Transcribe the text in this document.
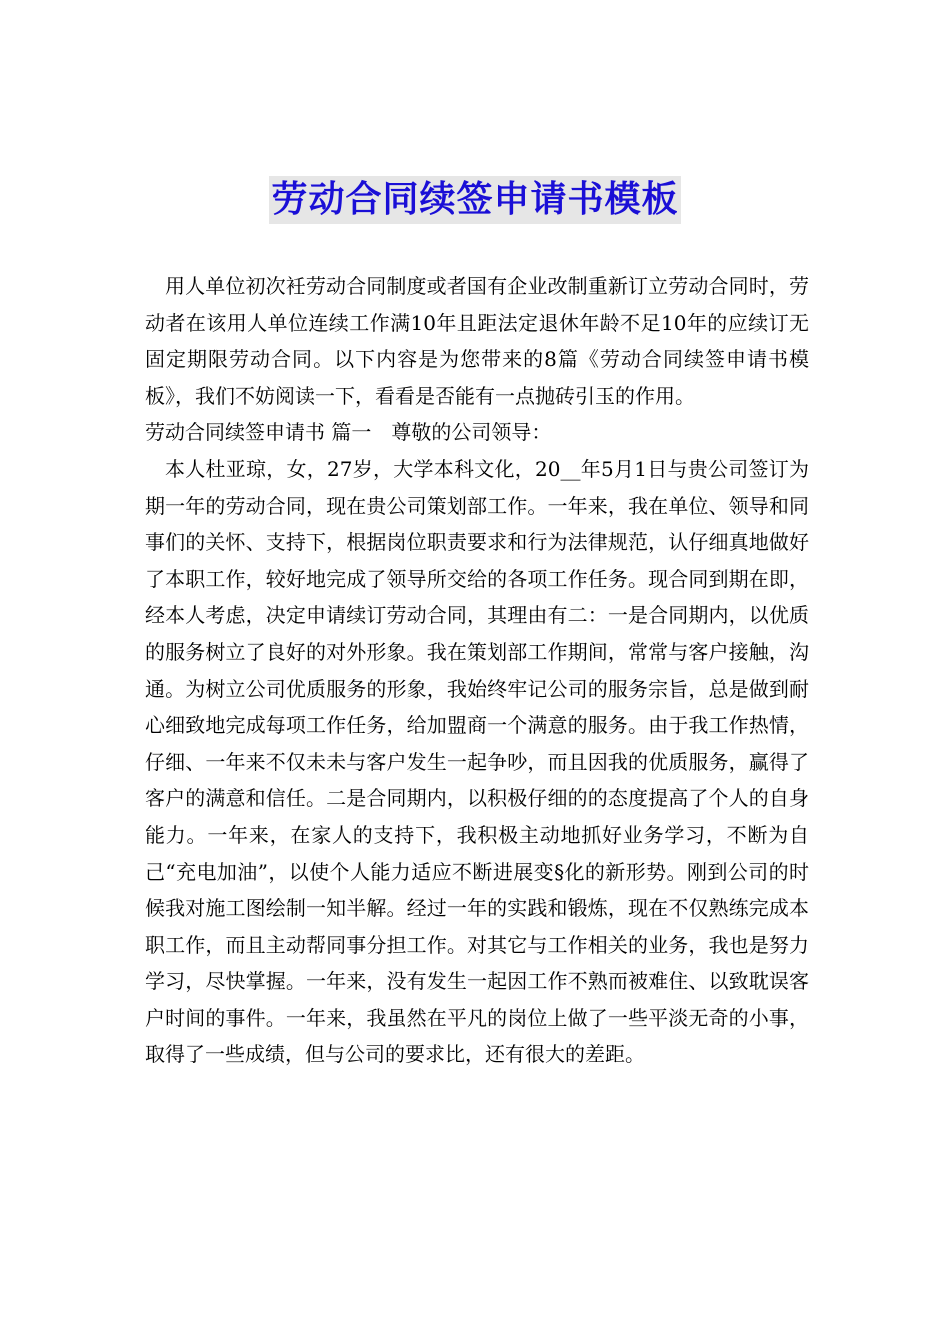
劳动合同续签申请书模板

用人单位初次衽劳动合同制度或者国有企业改制重新订立劳动合同时，劳动者在该用人单位连续工作满10年且距法定退休年龄不足10年的应续订无固定期限劳动合同。以下内容是为您带来的8篇《劳动合同续签申请书模板》，我们不妨阅读一下，看看是否能有一点抛砖引玉的作用。

劳动合同续签申请书 篇一　尊敬的公司领导：

本人杜亚琼，女，27岁，大学本科文化，20__年5月1日与贵公司签订为期一年的劳动合同，现在贵公司策划部工作。一年来，我在单位、领导和同事们的关怀、支持下，根据岗位职责要求和行为法律规范，认仔细真地做好了本职工作，较好地完成了领导所交给的各项工作任务。现合同到期在即，经本人考虑，决定申请续订劳动合同，其理由有二：一是合同期内，以优质的服务树立了良好的对外形象。我在策划部工作期间，常常与客户接触，沟通。为树立公司优质服务的形象，我始终牢记公司的服务宗旨，总是做到耐心细致地完成每项工作任务，给加盟商一个满意的服务。由于我工作热情，仔细、一年来不仅未未与客户发生一起争吵，而且因我的优质服务，赢得了客户的满意和信任。二是合同期内，以积极仔细的的态度提高了个人的自身能力。一年来，在家人的支持下，我积极主动地抓好业务学习，不断为自己“充电加油”，以使个人能力适应不断进展变§化的新形势。刚到公司的时候我对施工图绘制一知半解。经过一年的实践和锻炼，现在不仅熟练完成本职工作，而且主动帮同事分担工作。对其它与工作相关的业务，我也是努力学习，尽快掌握。一年来，没有发生一起因工作不熟而被难住、以致耽误客户时间的事件。一年来，我虽然在平凡的岗位上做了一些平淡无奇的小事，取得了一些成绩，但与公司的要求比，还有很大的差距。
